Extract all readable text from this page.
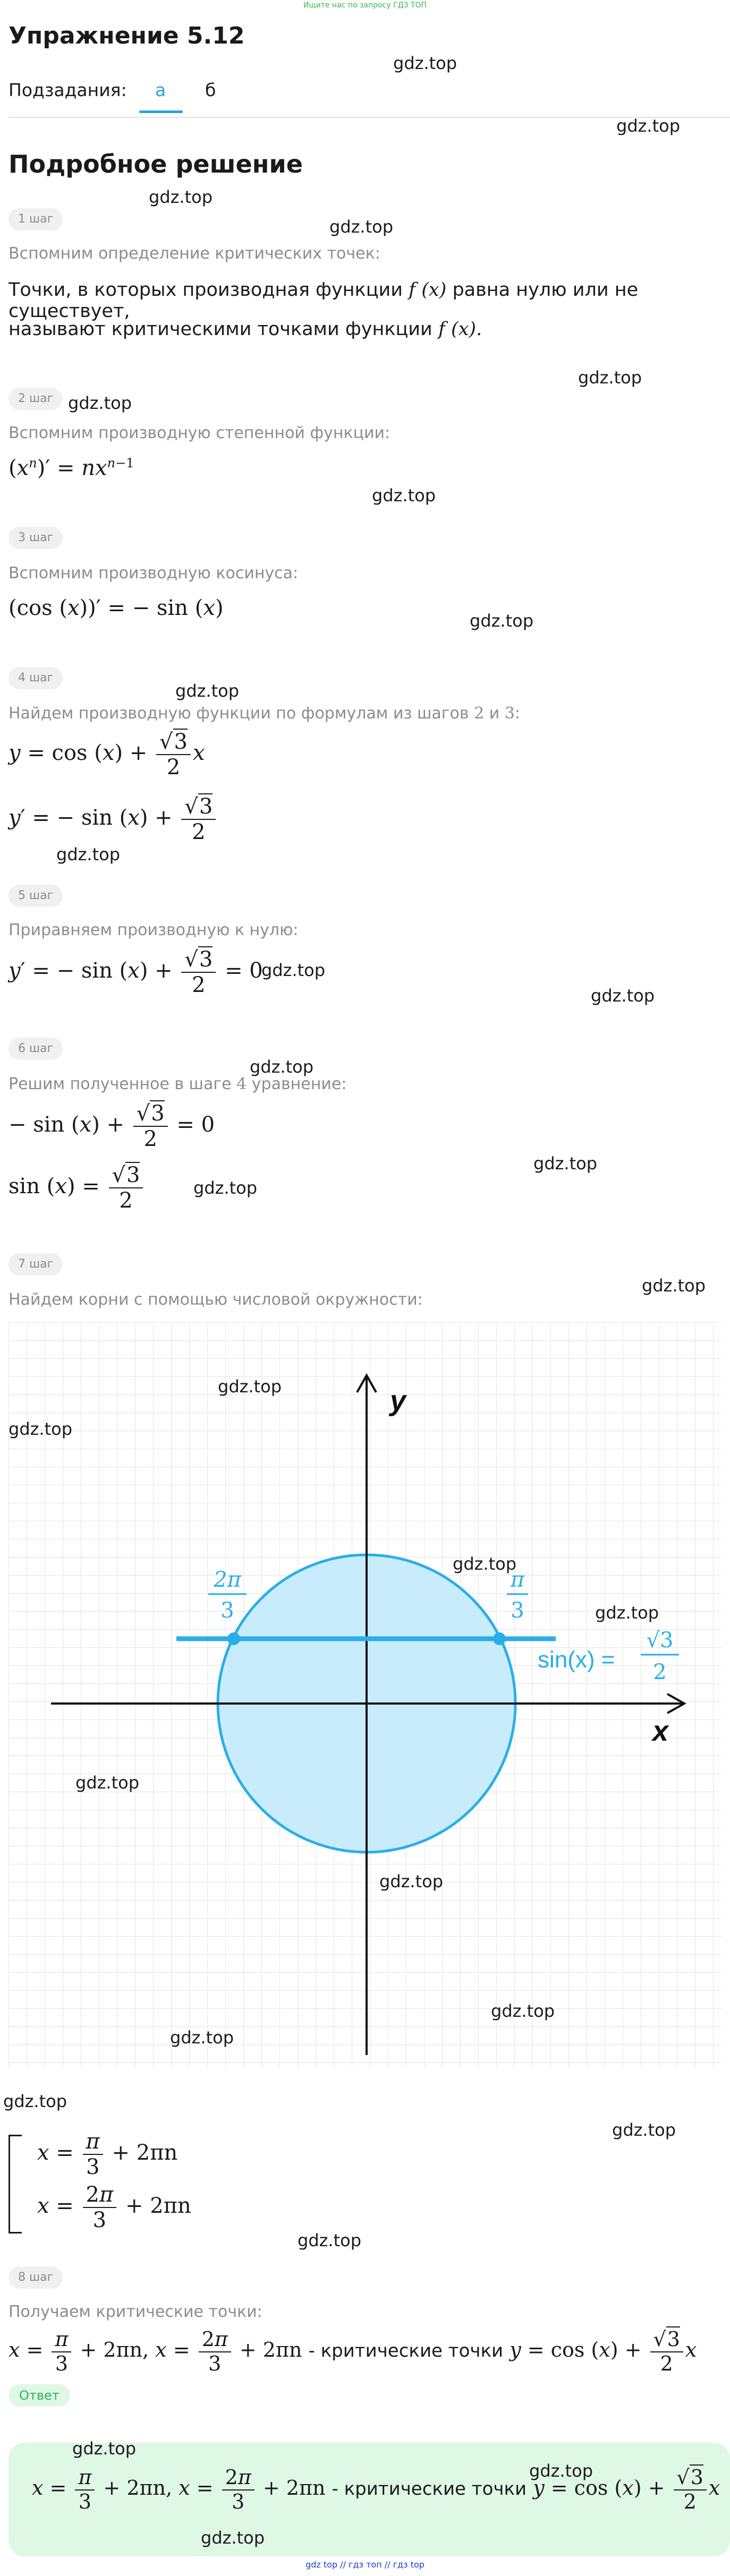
Ищите нас по запросу ГДЗ ТОП
Упражнение 5.12
Подзадания: а б
Подробное решение
1 шаг
Вспомним определение критических точек:
Точки, в которых производная функции f (x) равна нулю или не существует,
называют критическими точками функции f (x).
2 шаг
Вспомним производную степенной функции:
$(x^n)' = nx^{n-1}$
3 шаг
Вспомним производную косинуса:
(cos (x))′ = − sin (x)
4 шаг
Найдем производную функции по формулам из шагов 2 и 3:
$y = \cos (x) + \frac{√3}{2}$ x
y′ = − $\sin (x) + \frac{√3}{2}$
5 шаг
Приравняем производную к нулю:
y′ = − $\sin (x) + \frac{√3}{2} = 0$
6 шаг
Решим полученное в шаге 4 уравнение:
− $\sin (x) + \frac{√3}{2} = 0$
$\sin (x) = \frac{√3}{2}$
7 шаг
Найдем корни с помощью числовой окружности:
y
x
2π
3
π
3
sin(x) =
√3
2
$x = \frac{\pi}{3} + 2\pi n$
$x = \frac{2\pi}{3} + 2\pi n$
8 шаг
Получаем критические точки:
$x = \frac{\pi}{3} + 2\pi n$, $x = \frac{2\pi}{3} + 2\pi n$ - критические точки $y = \cos (x) + \frac{√3}{2}$ x
Ответ
$x = \frac{\pi}{3} + 2\pi n$, $x = \frac{2\pi}{3} + 2\pi n$ - критические точки $y = \cos (x) + \frac{√3}{2}$ x
gdz.top
gdz.top
gdz.top
gdz.top
gdz.top
gdz.top
gdz.top
gdz.top
gdz.top
gdz.top
gdz.top
gdz.top
gdz.top
gdz.top
gdz.top
gdz.top
gdz.top
gdz.top
gdz.top
gdz.top
gdz.top
gdz.top
gdz.top
gdz.top
gdz.top
gdz.top
gdz.top
gdz.top
gdz.top
gdz.top
gdz top // гдз топ // гдз top
